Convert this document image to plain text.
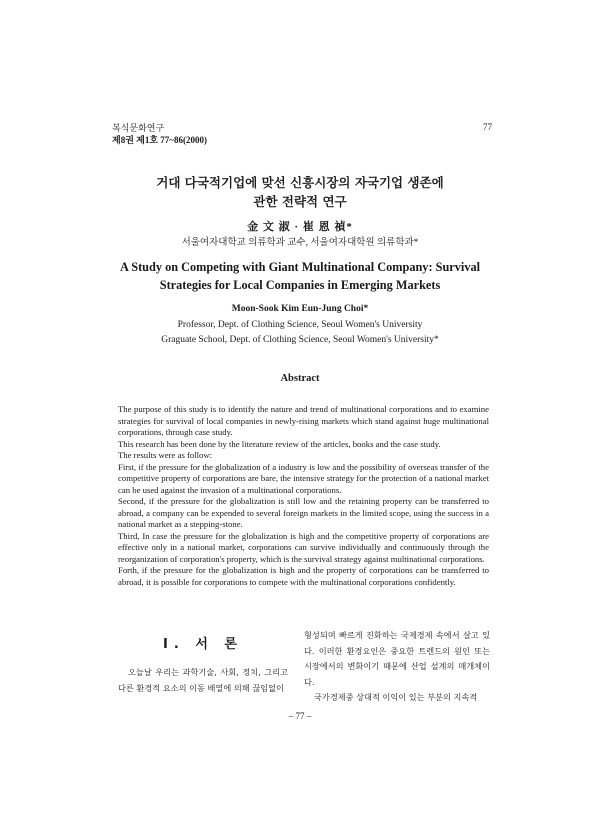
복식문화연구
제8권 제1호 77~86(2000)
77
거대 다국적기업에 맞선 신흥시장의 자국기업 생존에
관한 전략적 연구
金 文 淑 · 崔 恩 禎*
서울여자대학교 의류학과 교수, 서울여자대학원 의류학과*
A Study on Competing with Giant Multinational Company: Survival
Strategies for Local Companies in Emerging Markets
Moon-Sook Kim Eun-Jung Choi*
Professor, Dept. of Clothing Science, Seoul Women's University
Graguate School, Dept. of Clothing Science, Seoul Women's University*
Abstract

The purpose of this study is to identify the nature and trend of multinational corporations and to examine strategies for survival of local companies in newly-rising markets which stand against huge multinational corporations, through case study.

This research has been done by the literature review of the articles, books and the case study.

The results were as follow:

First, if the pressure for the globalization of a industry is low and the possibility of overseas transfer of the competitive property of corporations are bare, the intensive strategy for the protection of a national market can be used against the invasion of a multinational corporations.

Second, if the pressure for the globalization is still low and the retaining property can be transferred to abroad, a company can be expended to several foreign markets in the limited scope, using the success in a national market as a stepping-stone.

Third, In case the pressure for the globalization is high and the competitive property of corporations are effective only in a national market, corporations can survive individually and continuously through the reorganization of corporation's property, which is the survival strategy against multinational corporations.

Forth, if the pressure for the globalization is high and the property of corporations can be transferred to abroad, it is possible for corporations to compete with the multinational corporations confidently.

I. 서 론

오늘날 우리는 과학기술, 사회, 정치, 그리고 다른 환경적 요소의 이동 배열에 의해 끊임없이

형성되며 빠르게 진화하는 국제경제 속에서 살고 있다. 이러한 환경요인은 중요한 트렌드의 원인 또는 시장에서의 변화이기 때문에 산업 설계의 매개체이다.

국가경제중 상대적 이익이 있는 부분의 지속적

– 77 –
